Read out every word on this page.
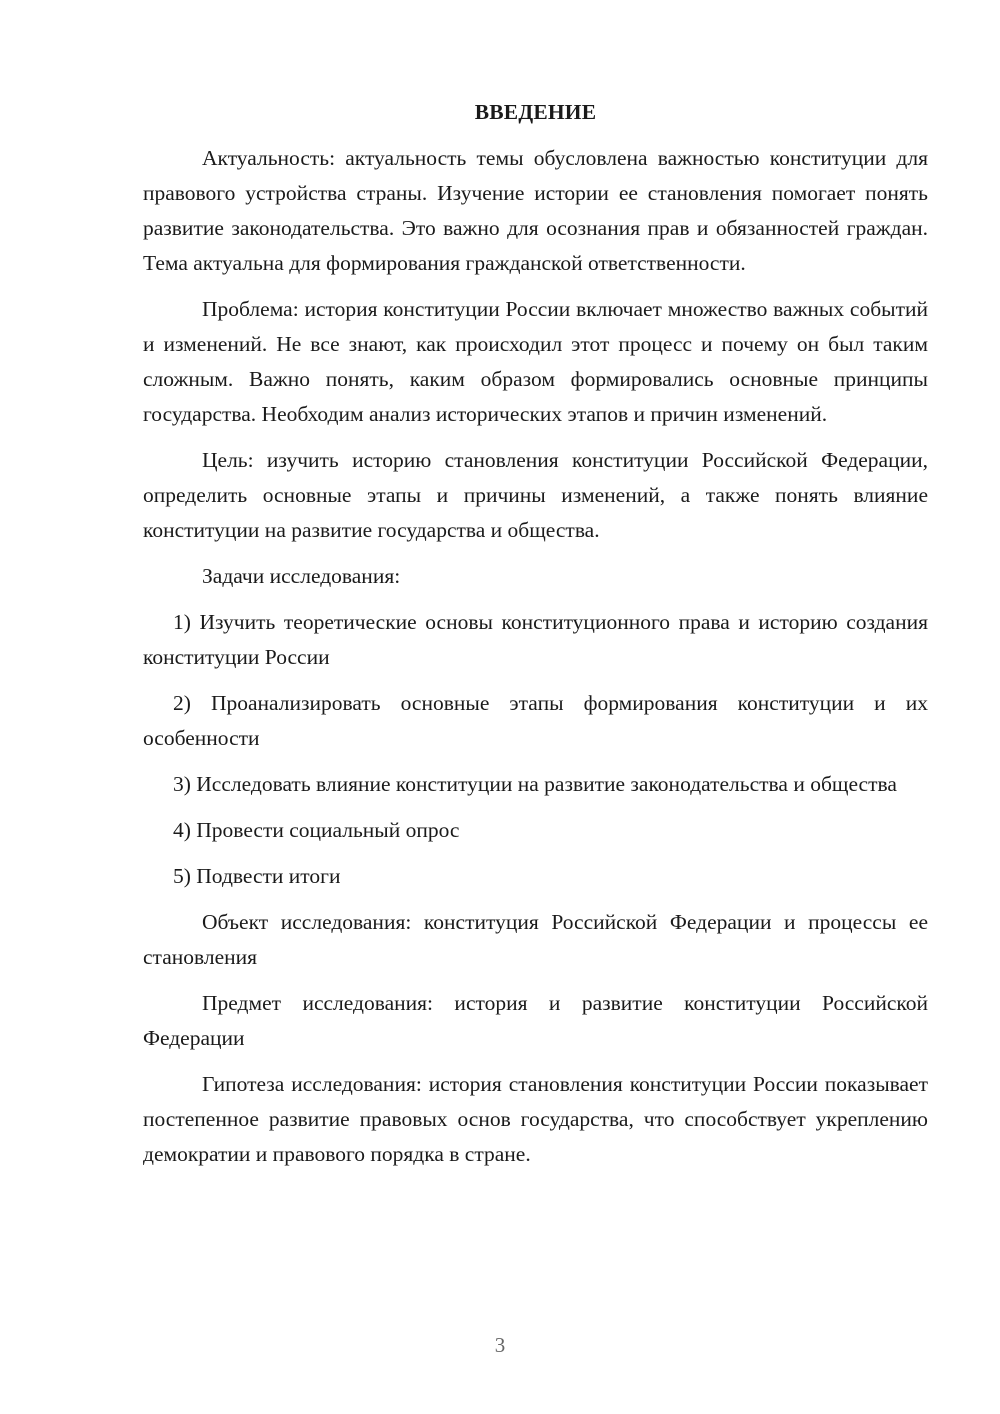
ВВЕДЕНИЕ

Актуальность: актуальность темы обусловлена важностью конституции для правового устройства страны. Изучение истории ее становления помогает понять развитие законодательства. Это важно для осознания прав и обязанностей граждан. Тема актуальна для формирования гражданской ответственности.

Проблема: история конституции России включает множество важных событий и изменений. Не все знают, как происходил этот процесс и почему он был таким сложным. Важно понять, каким образом формировались основные принципы государства. Необходим анализ исторических этапов и причин изменений.

Цель: изучить историю становления конституции Российской Федерации, определить основные этапы и причины изменений, а также понять влияние конституции на развитие государства и общества.

Задачи исследования:

1) Изучить теоретические основы конституционного права и историю создания конституции России

2) Проанализировать основные этапы формирования конституции и их особенности

3) Исследовать влияние конституции на развитие законодательства и общества

4) Провести социальный опрос

5) Подвести итоги

Объект исследования: конституция Российской Федерации и процессы ее становления

Предмет исследования: история и развитие конституции Российской Федерации

Гипотеза исследования: история становления конституции России показывает постепенное развитие правовых основ государства, что способствует укреплению демократии и правового порядка в стране.

3
